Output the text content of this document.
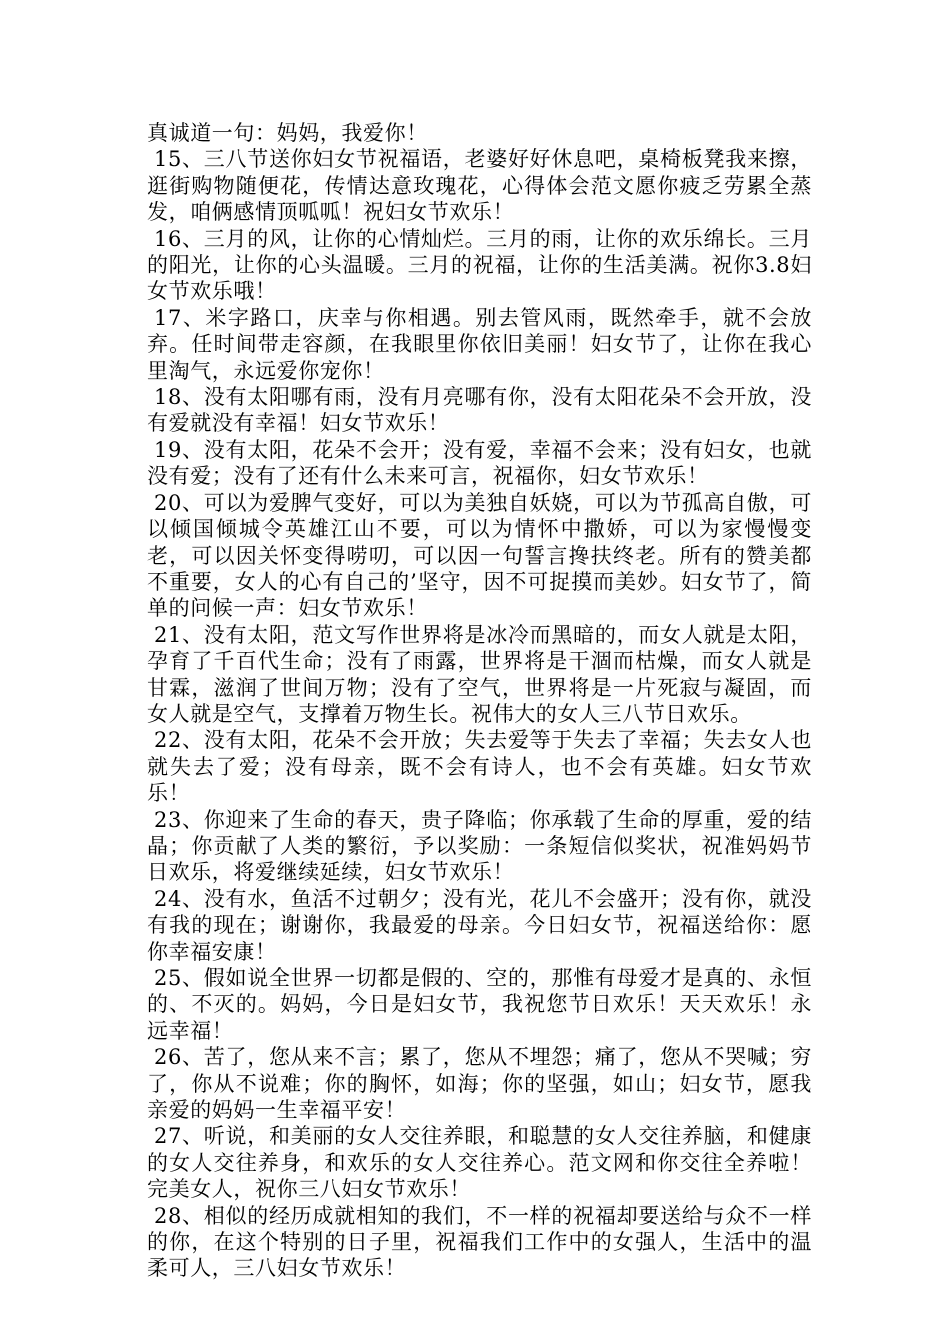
真诚道一句：妈妈，我爱你！

15、三八节送你妇女节祝福语，老婆好好休息吧，桌椅板凳我来擦，逛街购物随便花，传情达意玫瑰花，心得体会范文愿你疲乏劳累全蒸发，咱俩感情顶呱呱！祝妇女节欢乐！

16、三月的风，让你的心情灿烂。三月的雨，让你的欢乐绵长。三月的阳光，让你的心头温暖。三月的祝福，让你的生活美满。祝你3.8妇女节欢乐哦！

17、米字路口，庆幸与你相遇。别去管风雨，既然牵手，就不会放弃。任时间带走容颜，在我眼里你依旧美丽！妇女节了，让你在我心里淘气，永远爱你宠你！

18、没有太阳哪有雨，没有月亮哪有你，没有太阳花朵不会开放，没有爱就没有幸福！妇女节欢乐！

19、没有太阳，花朵不会开；没有爱，幸福不会来；没有妇女，也就没有爱；没有了还有什么未来可言，祝福你，妇女节欢乐！

20、可以为爱脾气变好，可以为美独自妖娆，可以为节孤高自傲，可以倾国倾城令英雄江山不要，可以为情怀中撒娇，可以为家慢慢变老，可以因关怀变得唠叨，可以因一句誓言搀扶终老。所有的赞美都不重要，女人的心有自己的’坚守，因不可捉摸而美妙。妇女节了，简单的问候一声：妇女节欢乐！

21、没有太阳，范文写作世界将是冰冷而黑暗的，而女人就是太阳，孕育了千百代生命；没有了雨露，世界将是干涸而枯燥，而女人就是甘霖，滋润了世间万物；没有了空气，世界将是一片死寂与凝固，而女人就是空气，支撑着万物生长。祝伟大的女人三八节日欢乐。

22、没有太阳，花朵不会开放；失去爱等于失去了幸福；失去女人也就失去了爱；没有母亲，既不会有诗人，也不会有英雄。妇女节欢乐！

23、你迎来了生命的春天，贵子降临；你承载了生命的厚重，爱的结晶；你贡献了人类的繁衍，予以奖励：一条短信似奖状，祝准妈妈节日欢乐，将爱继续延续，妇女节欢乐！

24、没有水，鱼活不过朝夕；没有光，花儿不会盛开；没有你，就没有我的现在；谢谢你，我最爱的母亲。今日妇女节，祝福送给你：愿你幸福安康！

25、假如说全世界一切都是假的、空的，那惟有母爱才是真的、永恒的、不灭的。妈妈，今日是妇女节，我祝您节日欢乐！天天欢乐！永远幸福！

26、苦了，您从来不言；累了，您从不埋怨；痛了，您从不哭喊；穷了，你从不说难；你的胸怀，如海；你的坚强，如山；妇女节，愿我亲爱的妈妈一生幸福平安！

27、听说，和美丽的女人交往养眼，和聪慧的女人交往养脑，和健康的女人交往养身，和欢乐的女人交往养心。范文网和你交往全养啦！完美女人，祝你三八妇女节欢乐！

28、相似的经历成就相知的我们，不一样的祝福却要送给与众不一样的你，在这个特别的日子里，祝福我们工作中的女强人，生活中的温柔可人，三八妇女节欢乐！
